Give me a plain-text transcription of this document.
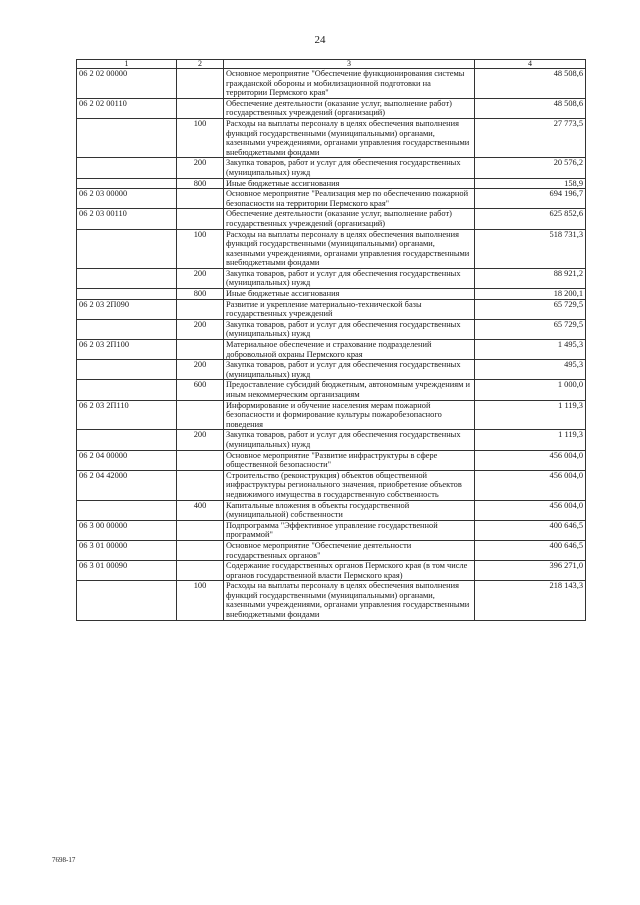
24
1	2	3	4
06 2 02 00000		Основное мероприятие "Обеспечение функционирования системы гражданской обороны и мобилизационной подготовки на территории Пермского края"	48 508,6
06 2 02 00110		Обеспечение деятельности (оказание услуг, выполнение работ) государственных учреждений (организаций)	48 508,6
	100	Расходы на выплаты персоналу в целях обеспечения выполнения функций государственными (муниципальными) органами, казенными учреждениями, органами управления государственными внебюджетными фондами	27 773,5
	200	Закупка товаров, работ и услуг для обеспечения государственных (муниципальных) нужд	20 576,2
	800	Иные бюджетные ассигнования	158,9
06 2 03 00000		Основное мероприятие "Реализация мер по обеспечению пожарной безопасности на территории Пермского края"	694 196,7
06 2 03 00110		Обеспечение деятельности (оказание услуг, выполнение работ) государственных учреждений (организаций)	625 852,6
	100	Расходы на выплаты персоналу в целях обеспечения выполнения функций государственными (муниципальными) органами, казенными учреждениями, органами управления государственными внебюджетными фондами	518 731,3
	200	Закупка товаров, работ и услуг для обеспечения государственных (муниципальных) нужд	88 921,2
	800	Иные бюджетные ассигнования	18 200,1
06 2 03 2П090		Развитие и укрепление материально-технической базы государственных учреждений	65 729,5
	200	Закупка товаров, работ и услуг для обеспечения государственных (муниципальных) нужд	65 729,5
06 2 03 2П100		Материальное обеспечение и страхование подразделений добровольной охраны Пермского края	1 495,3
	200	Закупка товаров, работ и услуг для обеспечения государственных (муниципальных) нужд	495,3
	600	Предоставление субсидий бюджетным, автономным учреждениям и иным некоммерческим организациям	1 000,0
06 2 03 2П110		Информирование и обучение населения мерам пожарной безопасности и формирование культуры пожаробезопасного поведения	1 119,3
	200	Закупка товаров, работ и услуг для обеспечения государственных (муниципальных) нужд	1 119,3
06 2 04 00000		Основное мероприятие "Развитие инфраструктуры в сфере общественной безопасности"	456 004,0
06 2 04 42000		Строительство (реконструкция) объектов общественной инфраструктуры регионального значения, приобретение объектов недвижимого имущества в государственную собственность	456 004,0
	400	Капитальные вложения в объекты государственной (муниципальной) собственности	456 004,0
06 3 00 00000		Подпрограмма "Эффективное управление государственной программой"	400 646,5
06 3 01 00000		Основное мероприятие "Обеспечение деятельности государственных органов"	400 646,5
06 3 01 00090		Содержание государственных органов Пермского края (в том числе органов государственной власти Пермского края)	396 271,0
	100	Расходы на выплаты персоналу в целях обеспечения выполнения функций государственными (муниципальными) органами, казенными учреждениями, органами управления государственными внебюджетными фондами	218 143,3
7698-17
